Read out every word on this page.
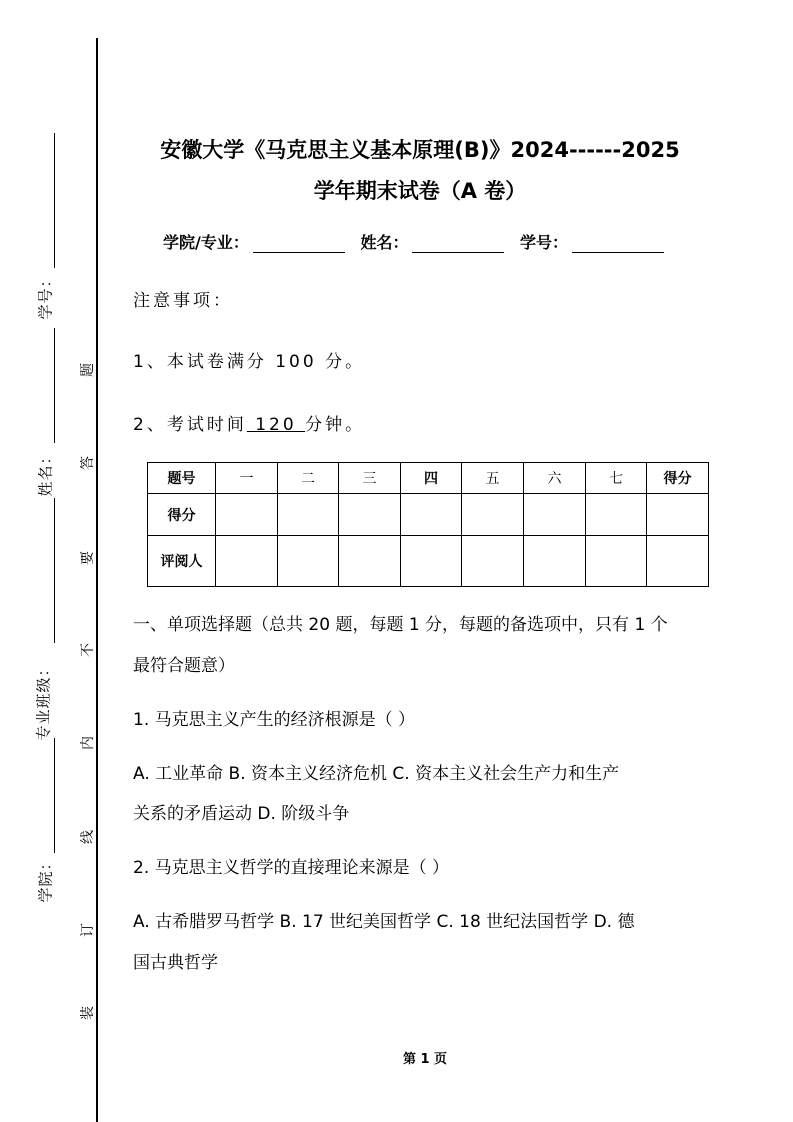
学号：
姓名：
专业班级：
学院：
题
答
要
不
内
线
订
装
安徽大学《马克思主义基本原理(B)》2024------2025
学年期末试卷（A 卷）
学院/专业：	姓名：	学号：
注意事项：
1、本试卷满分 100 分。
2、考试时间 120 分钟。
题号	一	二	三	四	五	六	七	得分
得分								
评阅人								
一、单项选择题（总共 20 题，每题 1 分，每题的备选项中，只有 1 个
最符合题意）
1. 马克思主义产生的经济根源是（ ）
A. 工业革命 B. 资本主义经济危机 C. 资本主义社会生产力和生产
关系的矛盾运动 D. 阶级斗争
2. 马克思主义哲学的直接理论来源是（ ）
A. 古希腊罗马哲学 B. 17 世纪美国哲学 C. 18 世纪法国哲学 D. 德
国古典哲学
第 1 页
